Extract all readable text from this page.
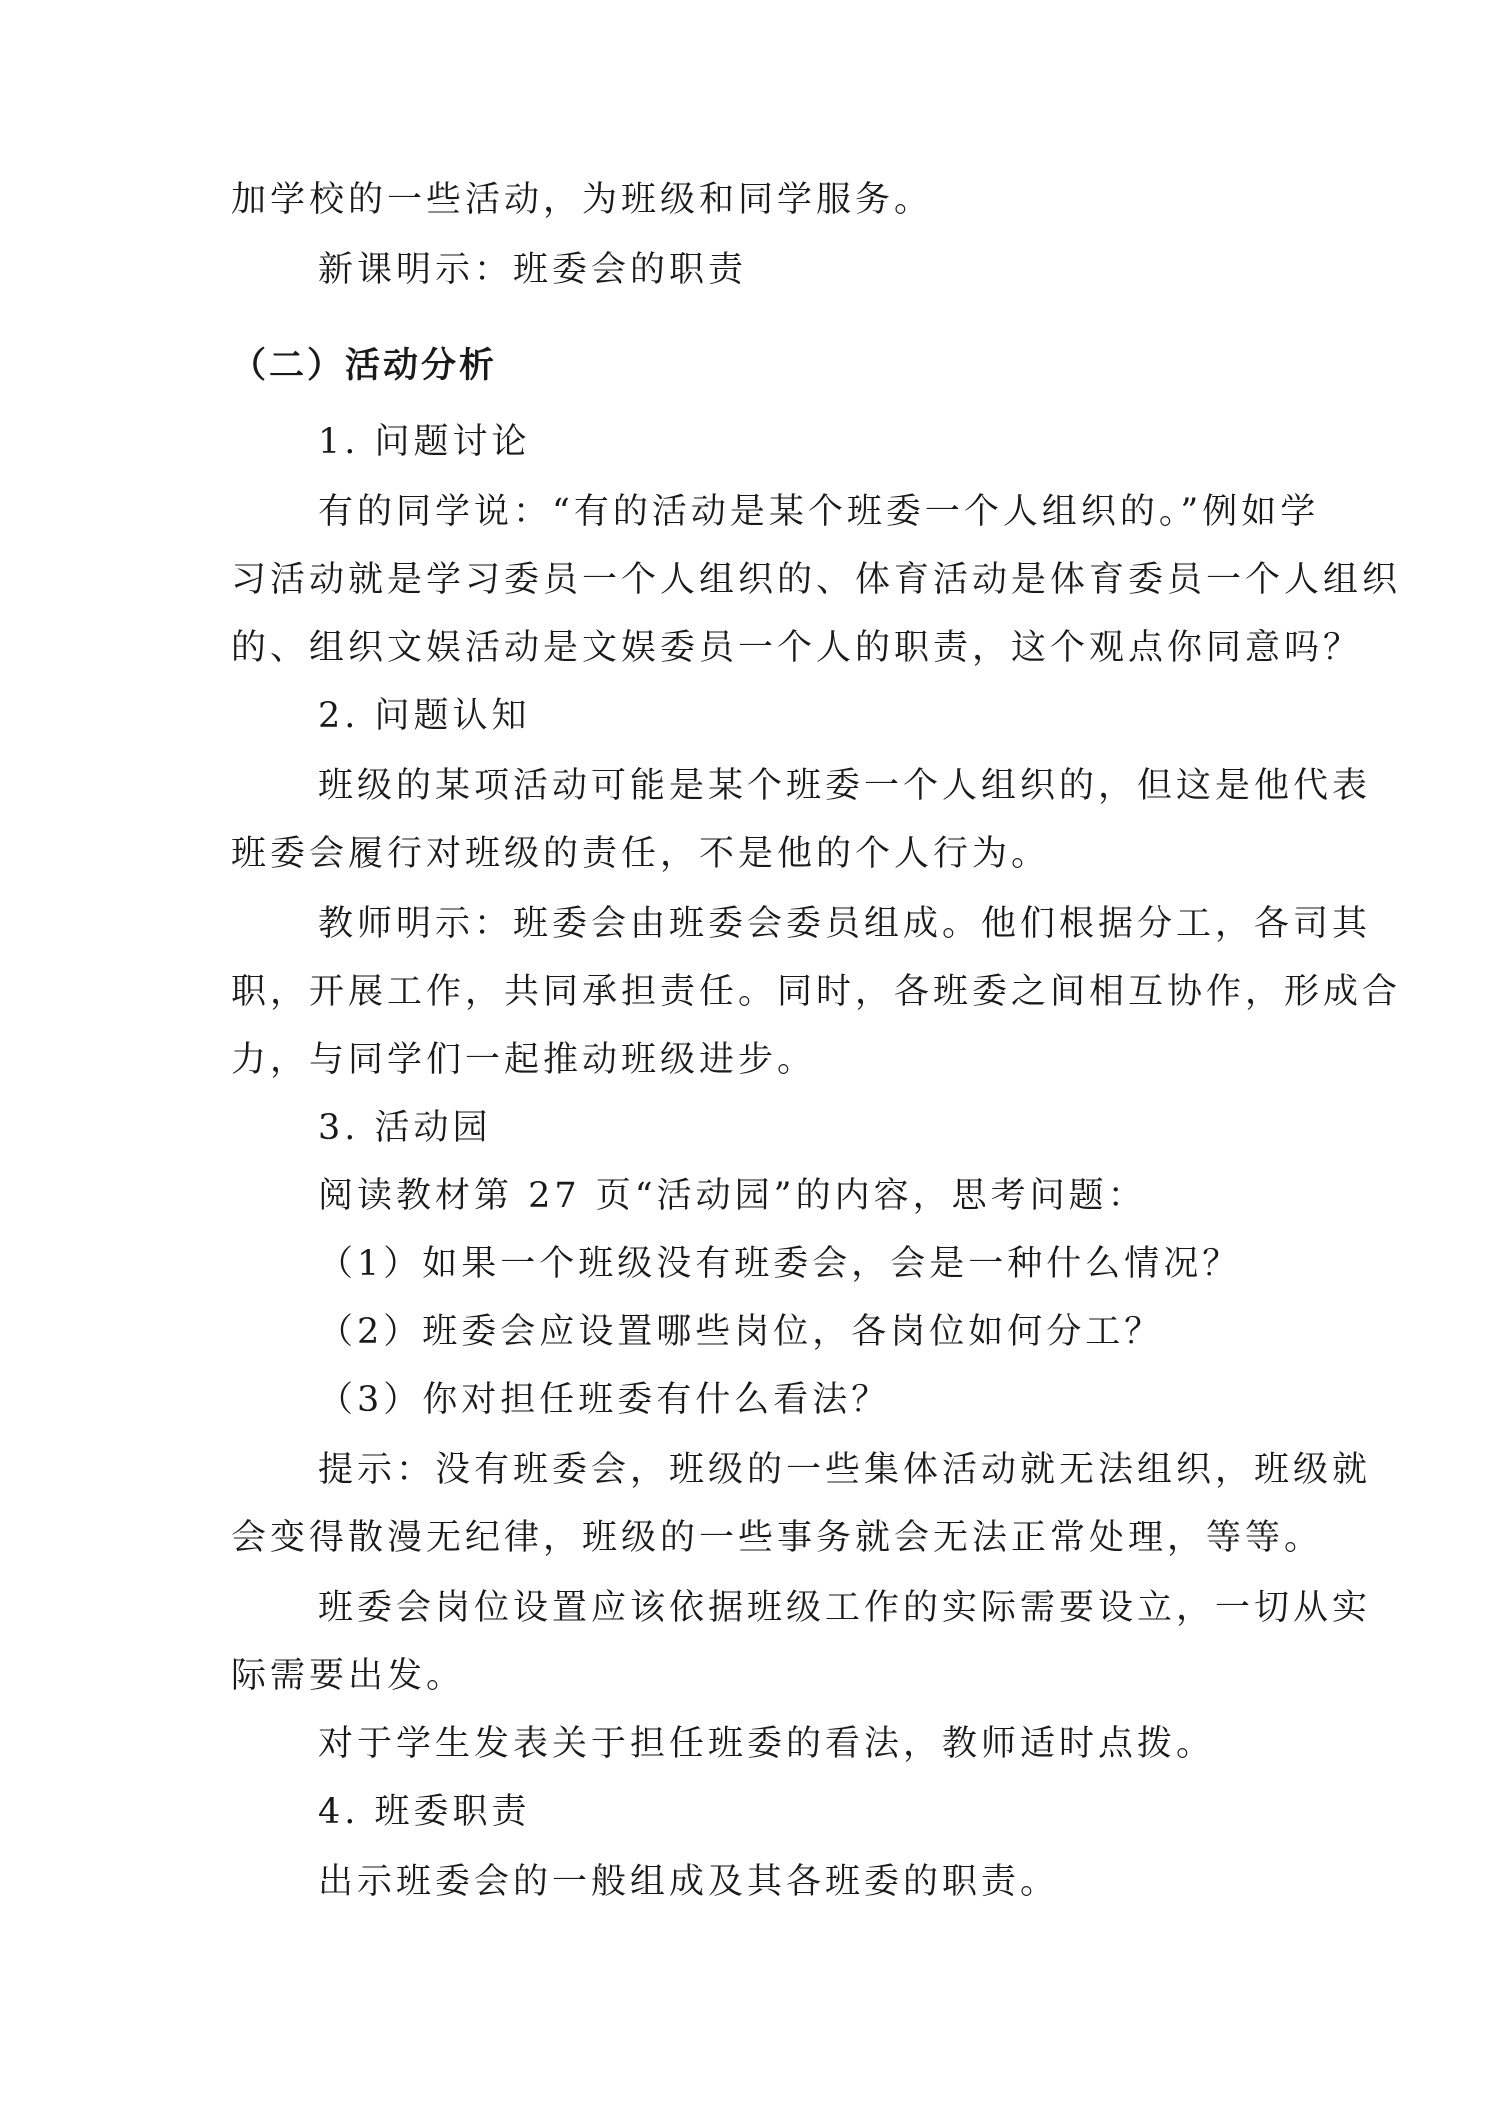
加学校的一些活动，为班级和同学服务。
新课明示：班委会的职责
（二）活动分析
1. 问题讨论
有的同学说：“有的活动是某个班委一个人组织的。”例如学
习活动就是学习委员一个人组织的、体育活动是体育委员一个人组织
的、组织文娱活动是文娱委员一个人的职责，这个观点你同意吗？
2. 问题认知
班级的某项活动可能是某个班委一个人组织的，但这是他代表
班委会履行对班级的责任，不是他的个人行为。
教师明示：班委会由班委会委员组成。他们根据分工，各司其
职，开展工作，共同承担责任。同时，各班委之间相互协作，形成合
力，与同学们一起推动班级进步。
3. 活动园
阅读教材第 27 页“活动园”的内容，思考问题：
（1）如果一个班级没有班委会，会是一种什么情况？
（2）班委会应设置哪些岗位，各岗位如何分工？
（3）你对担任班委有什么看法？
提示：没有班委会，班级的一些集体活动就无法组织，班级就
会变得散漫无纪律，班级的一些事务就会无法正常处理，等等。
班委会岗位设置应该依据班级工作的实际需要设立，一切从实
际需要出发。
对于学生发表关于担任班委的看法，教师适时点拨。
4. 班委职责
出示班委会的一般组成及其各班委的职责。
